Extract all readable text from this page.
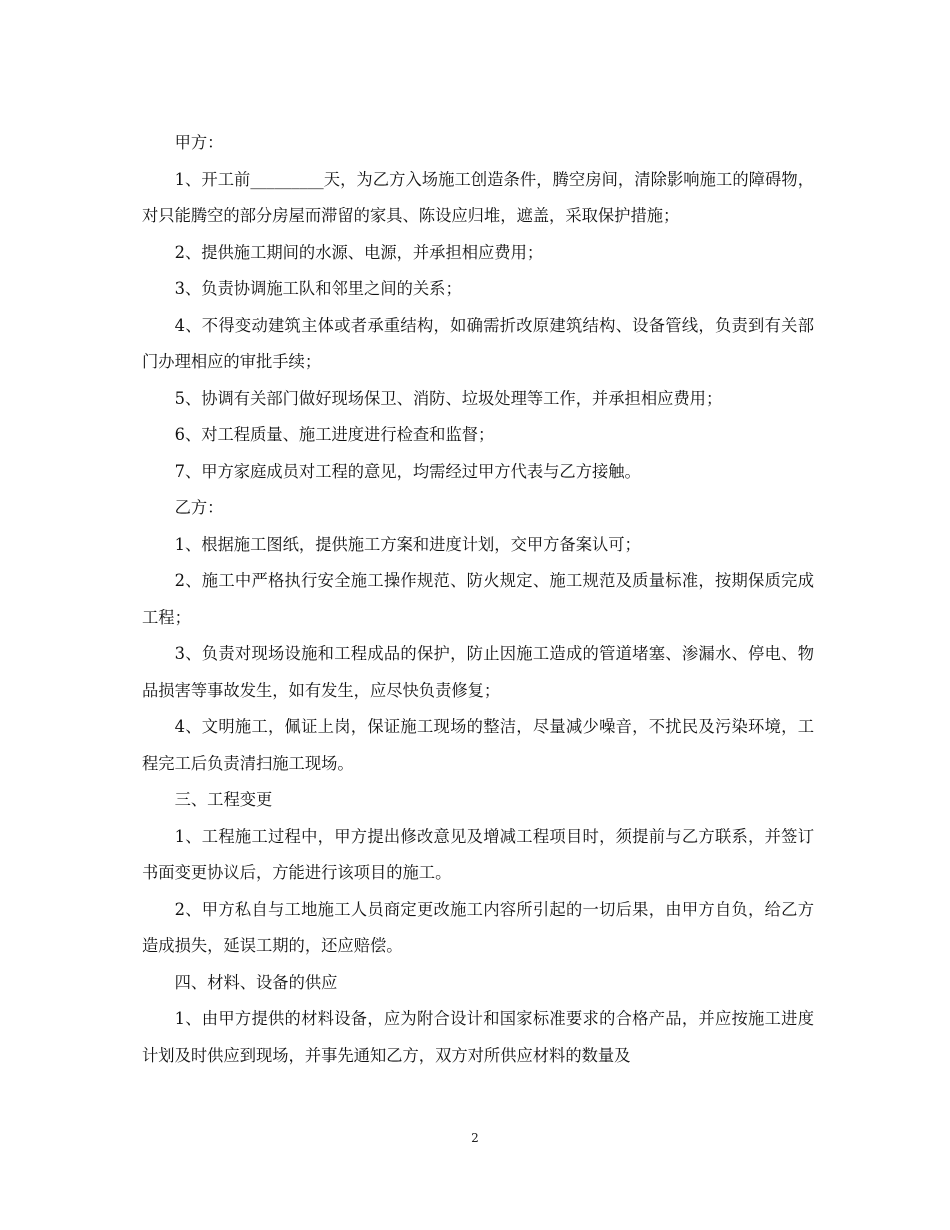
甲方：

1、开工前_________天，为乙方入场施工创造条件，腾空房间，清除影响施工的障碍物，对只能腾空的部分房屋而滞留的家具、陈设应归堆，遮盖，采取保护措施；

2、提供施工期间的水源、电源，并承担相应费用；

3、负责协调施工队和邻里之间的关系；

4、不得变动建筑主体或者承重结构，如确需折改原建筑结构、设备管线，负责到有关部门办理相应的审批手续；

5、协调有关部门做好现场保卫、消防、垃圾处理等工作，并承担相应费用；

6、对工程质量、施工进度进行检查和监督；

7、甲方家庭成员对工程的意见，均需经过甲方代表与乙方接触。

乙方：

1、根据施工图纸，提供施工方案和进度计划，交甲方备案认可；

2、施工中严格执行安全施工操作规范、防火规定、施工规范及质量标准，按期保质完成工程；

3、负责对现场设施和工程成品的保护，防止因施工造成的管道堵塞、渗漏水、停电、物品损害等事故发生，如有发生，应尽快负责修复；

4、文明施工，佩证上岗，保证施工现场的整洁，尽量减少噪音，不扰民及污染环境，工程完工后负责清扫施工现场。

三、工程变更

1、工程施工过程中，甲方提出修改意见及增减工程项目时，须提前与乙方联系，并签订书面变更协议后，方能进行该项目的施工。

2、甲方私自与工地施工人员商定更改施工内容所引起的一切后果，由甲方自负，给乙方造成损失，延误工期的，还应赔偿。

四、材料、设备的供应

1、由甲方提供的材料设备，应为附合设计和国家标准要求的合格产品，并应按施工进度计划及时供应到现场，并事先通知乙方，双方对所供应材料的数量及

2
